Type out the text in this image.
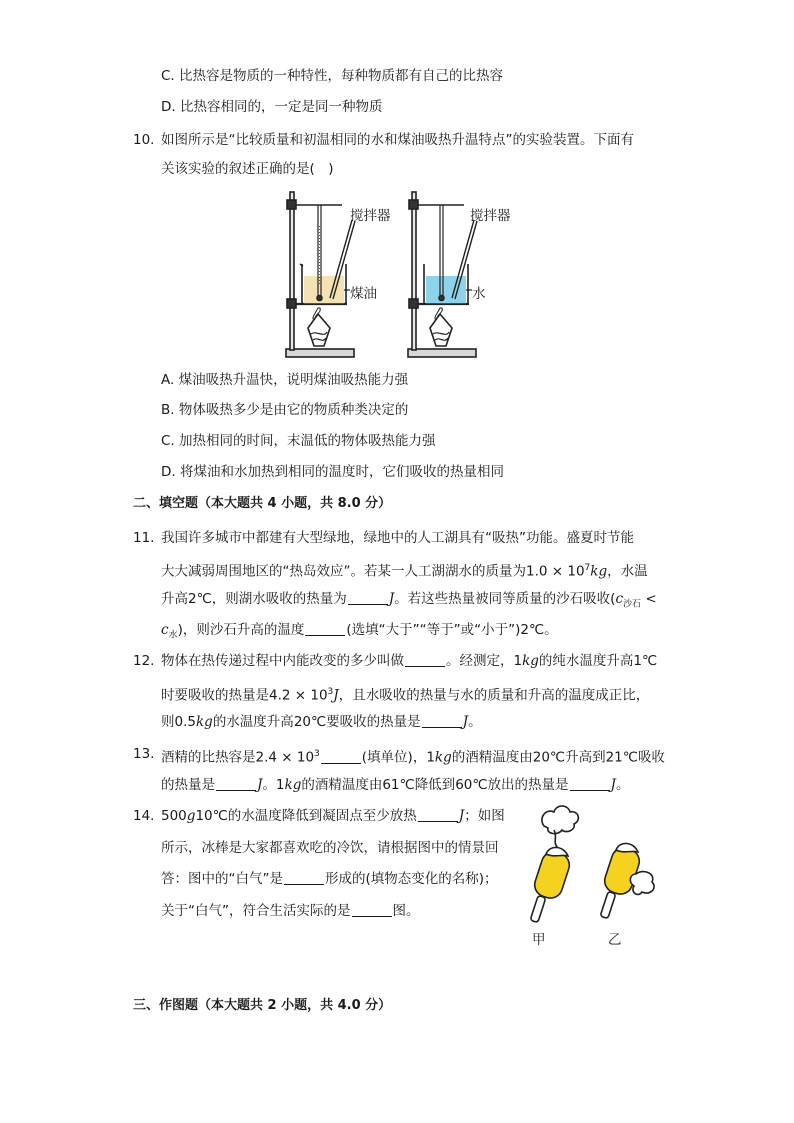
C. 比热容是物质的一种特性，每种物质都有自己的比热容
D. 比热容相同的，一定是同一种物质
10. 如图所示是“比较质量和初温相同的水和煤油吸热升温特点”的实验装置。下面有
关该实验的叙述正确的是(　)
搅拌器	搅拌器
煤油	水
A. 煤油吸热升温快，说明煤油吸热能力强
B. 物体吸热多少是由它的物质种类决定的
C. 加热相同的时间，末温低的物体吸热能力强
D. 将煤油和水加热到相同的温度时，它们吸收的热量相同
二、填空题（本大题共 4 小题，共 8.0 分）
11. 我国许多城市中都建有大型绿地，绿地中的人工湖具有“吸热”功能。盛夏时节能
大大减弱周围地区的“热岛效应”。若某一人工湖湖水的质量为$1.0 \times 10^7kg$，水温
升高2℃，则湖水吸收的热量为	J。若这些热量被同等质量的沙石吸收($c_{沙石}$ <
$c_水$)，则沙石升高的温度	(选填“大于”“等于”或“小于”)2℃。
12. 物体在热传递过程中内能改变的多少叫做	。经测定，1kg的纯水温度升高1℃
时要吸收的热量是$4.2 \times 10^3J$，且水吸收的热量与水的质量和升高的温度成正比，
则0.5kg的水温度升高20℃要吸收的热量是	J。
13. 酒精的比热容是$2.4 \times 10^3$	(填单位)，1kg的酒精温度由20℃升高到21℃吸收
的热量是	J。1kg的酒精温度由61℃降低到60℃放出的热量是	J。
14. 500g10℃的水温度降低到凝固点至少放热	J；如图
所示，冰棒是大家都喜欢吃的冷饮，请根据图中的情景回
答：图中的“白气”是	形成的(填物态变化的名称)；
关于“白气”，符合生活实际的是	图。
甲	乙
三、作图题（本大题共 2 小题，共 4.0 分）
